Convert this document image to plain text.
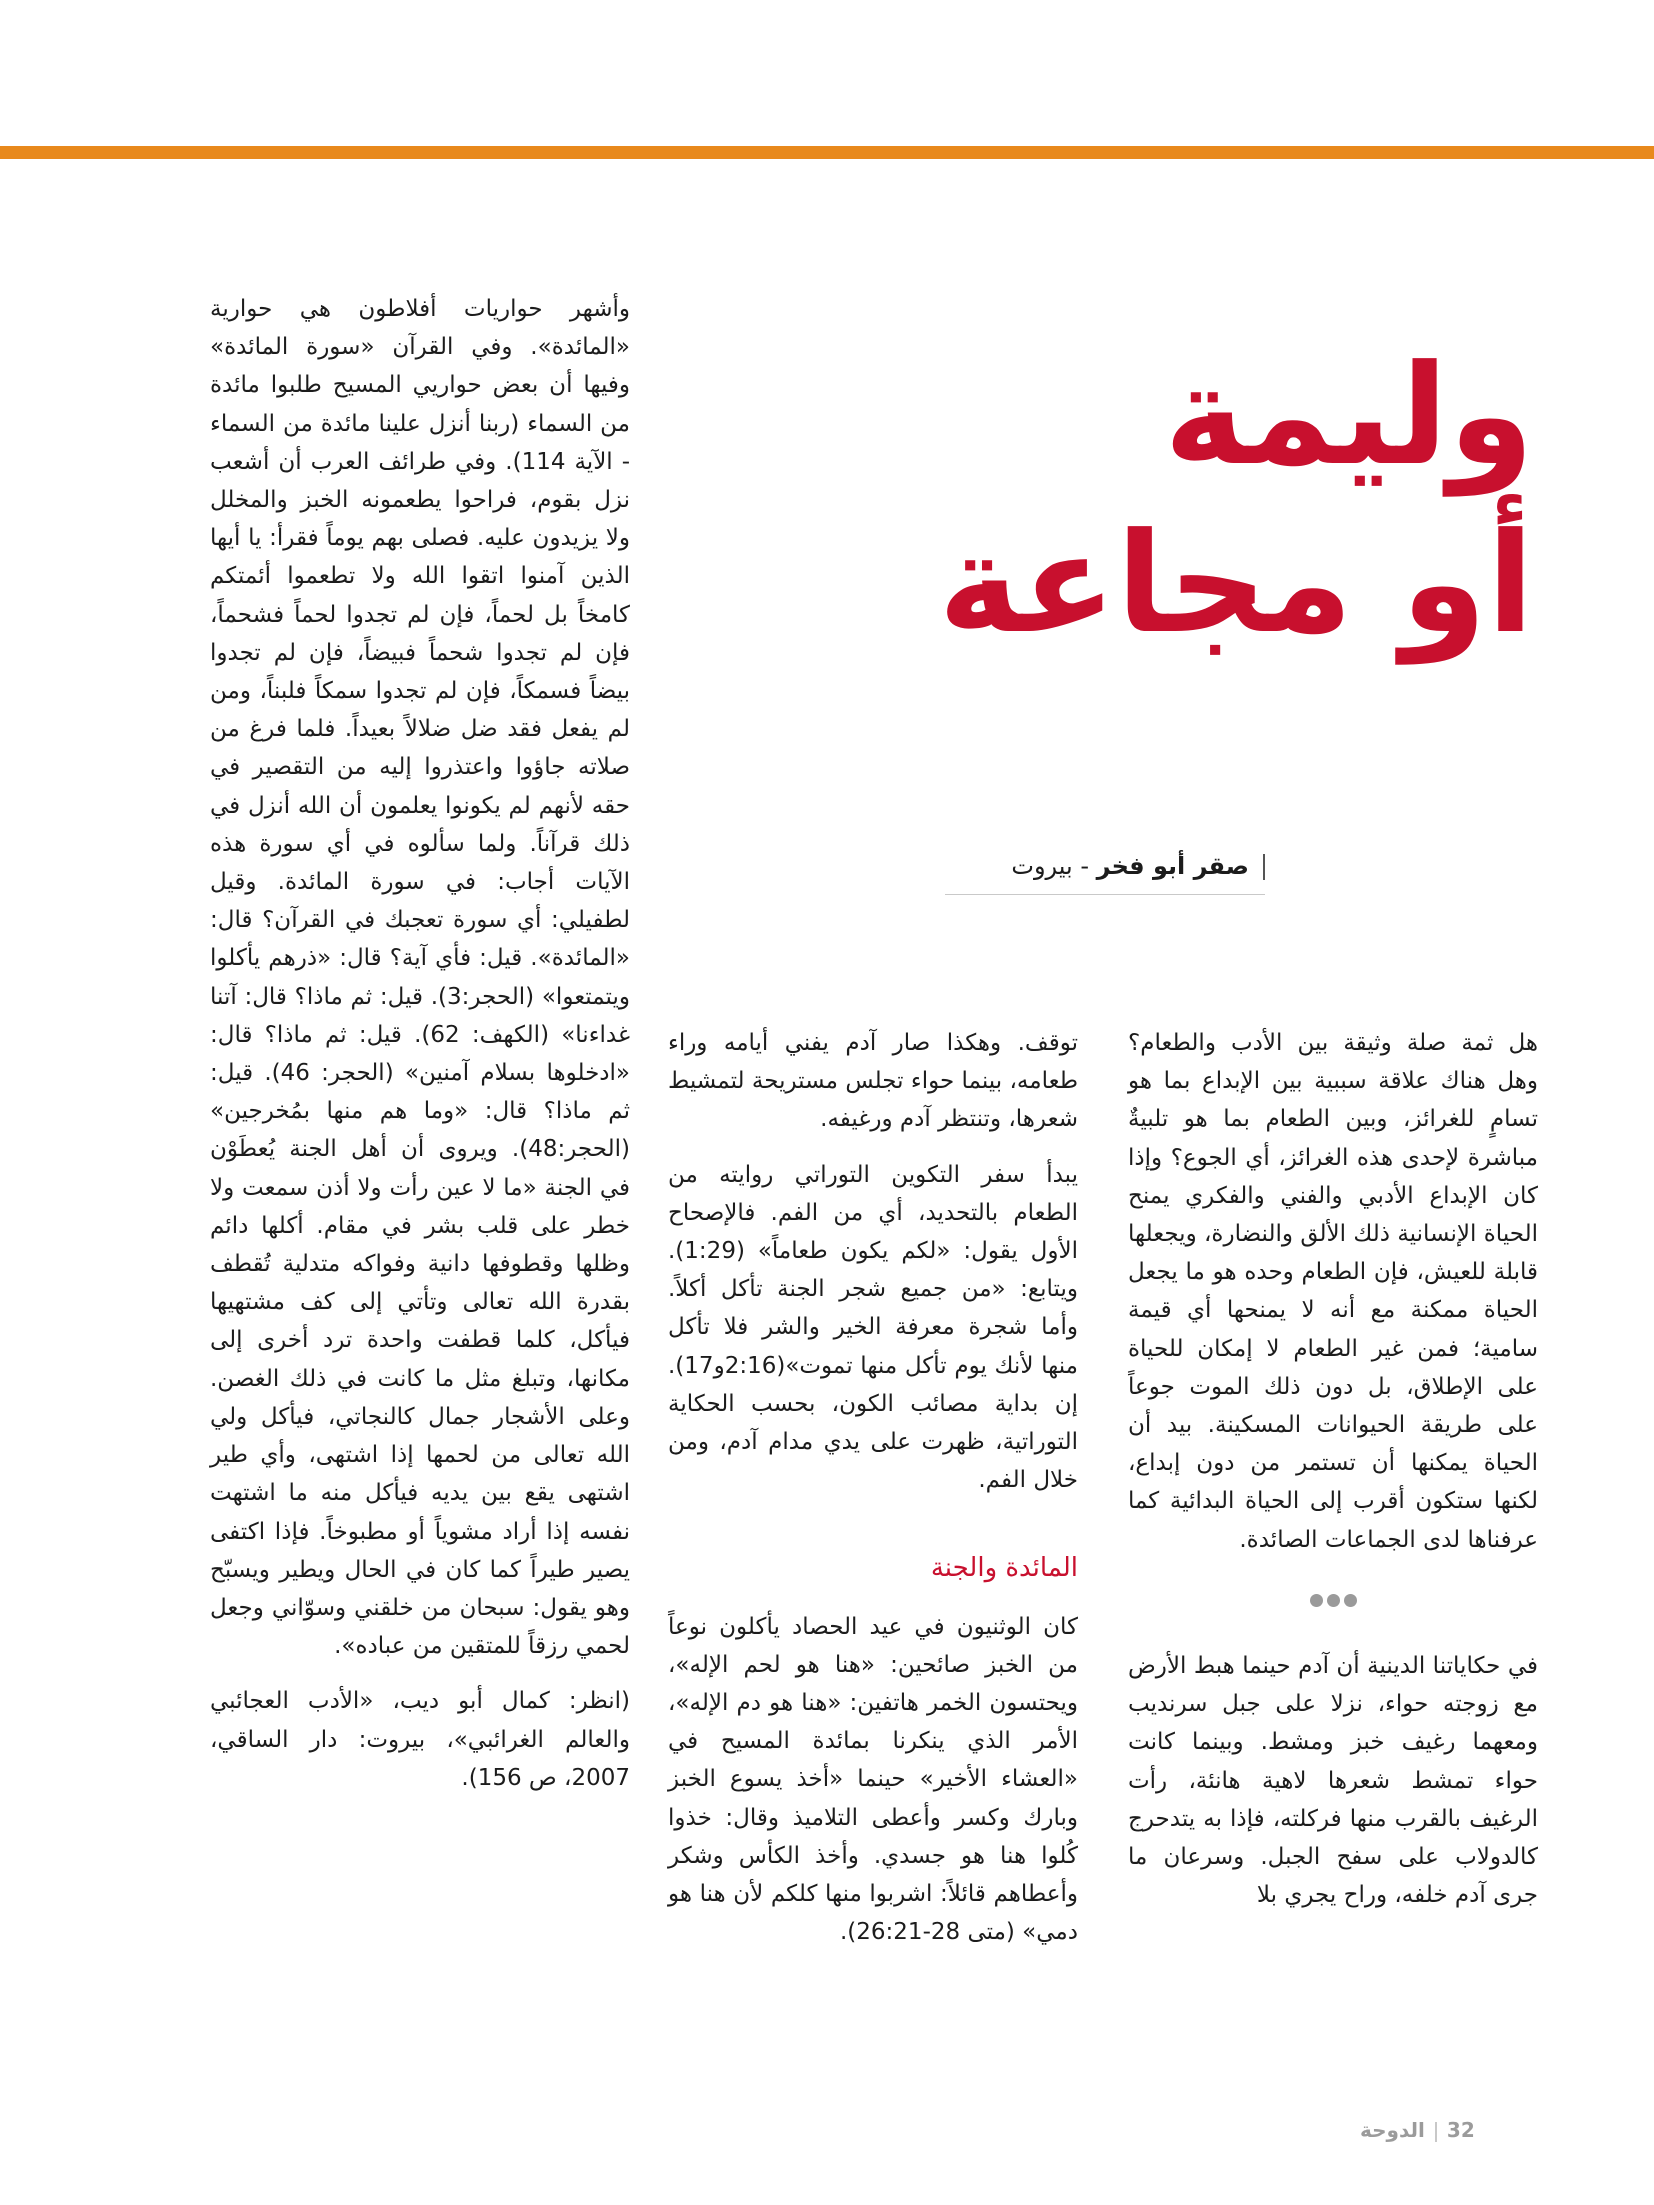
وليمة
أو مجاعة
صقر أبو فخر - بيروت

هل ثمة صلة وثيقة بين الأدب والطعام؟ وهل هناك علاقة سببية بين الإبداع بما هو تسامٍ للغرائز، وبين الطعام بما هو تلبيةٌ مباشرة لإحدى هذه الغرائز، أي الجوع؟ وإذا كان الإبداع الأدبي والفني والفكري يمنح الحياة الإنسانية ذلك الألق والنضارة، ويجعلها قابلة للعيش، فإن الطعام وحده هو ما يجعل الحياة ممكنة مع أنه لا يمنحها أي قيمة سامية؛ فمن غير الطعام لا إمكان للحياة على الإطلاق، بل دون ذلك الموت جوعاً على طريقة الحيوانات المسكينة. بيد أن الحياة يمكنها أن تستمر من دون إبداع، لكنها ستكون أقرب إلى الحياة البدائية كما عرفناها لدى الجماعات الصائدة.

في حكاياتنا الدينية أن آدم حينما هبط الأرض مع زوجته حواء، نزلا على جبل سرنديب ومعهما رغيف خبز ومشط. وبينما كانت حواء تمشط شعرها لاهية هانئة، رأت الرغيف بالقرب منها فركلته، فإذا به يتدحرج كالدولاب على سفح الجبل. وسرعان ما جرى آدم خلفه، وراح يجري بلا

توقف. وهكذا صار آدم يفني أيامه وراء طعامه، بينما حواء تجلس مستريحة لتمشيط شعرها، وتنتظر آدم ورغيفه.

يبدأ سفر التكوين التوراتي روايته من الطعام بالتحديد، أي من الفم. فالإصحاح الأول يقول: «لكم يكون طعاماً» (1:29). ويتابع: «من جميع شجر الجنة تأكل أكلاً. وأما شجرة معرفة الخير والشر فلا تأكل منها لأنك يوم تأكل منها تموت»(2:16و17). إن بداية مصائب الكون، بحسب الحكاية التوراتية، ظهرت على يدي مدام آدم، ومن خلال الفم.

المائدة والجنة

كان الوثنيون في عيد الحصاد يأكلون نوعاً من الخبز صائحين: «هنا هو لحم الإله»، ويحتسون الخمر هاتفين: «هنا هو دم الإله»، الأمر الذي ينكرنا بمائدة المسيح في «العشاء الأخير» حينما «أخذ يسوع الخبز وبارك وكسر وأعطى التلاميذ وقال: خذوا كُلوا هنا هو جسدي. وأخذ الكأس وشكر وأعطاهم قائلاً: اشربوا منها كلكم لأن هنا هو دمي» (متى 28-26:21).

وأشهر حواريات أفلاطون هي حوارية «المائدة». وفي القرآن «سورة المائدة» وفيها أن بعض حواريي المسيح طلبوا مائدة من السماء (ربنا أنزل علينا مائدة من السماء - الآية 114). وفي طرائف العرب أن أشعب نزل بقوم، فراحوا يطعمونه الخبز والمخلل ولا يزيدون عليه. فصلى بهم يوماً فقرأ: يا أيها الذين آمنوا اتقوا الله ولا تطعموا أئمتكم كامخاً بل لحماً، فإن لم تجدوا لحماً فشحماً، فإن لم تجدوا شحماً فبيضاً، فإن لم تجدوا بيضاً فسمكاً، فإن لم تجدوا سمكاً فلبناً، ومن لم يفعل فقد ضل ضلالاً بعيداً. فلما فرغ من صلاته جاؤوا واعتذروا إليه من التقصير في حقه لأنهم لم يكونوا يعلمون أن الله أنزل في ذلك قرآناً. ولما سألوه في أي سورة هذه الآيات أجاب: في سورة المائدة. وقيل لطفيلي: أي سورة تعجبك في القرآن؟ قال: «المائدة». قيل: فأي آية؟ قال: «ذرهم يأكلوا ويتمتعوا» (الحجر:3). قيل: ثم ماذا؟ قال: آتنا غداءنا» (الكهف: 62). قيل: ثم ماذا؟ قال: «ادخلوها بسلام آمنين» (الحجر: 46). قيل: ثم ماذا؟ قال: «وما هم منها بمُخرجين» (الحجر:48). ويروى أن أهل الجنة يُعطَوْن في الجنة «ما لا عين رأت ولا أذن سمعت ولا خطر على قلب بشر في مقام. أكلها دائم وظلها وقطوفها دانية وفواكه متدلية تُقطف بقدرة الله تعالى وتأتي إلى كف مشتهيها فيأكل، كلما قطفت واحدة ترد أخرى إلى مكانها، وتبلغ مثل ما كانت في ذلك الغصن. وعلى الأشجار جمال كالنجاتي، فيأكل ولي الله تعالى من لحمها إذا اشتهى، وأي طير اشتهى يقع بين يديه فيأكل منه ما اشتهت نفسه إذا أراد مشوياً أو مطبوخاً. فإذا اكتفى يصير طيراً كما كان في الحال ويطير ويسبّح وهو يقول: سبحان من خلقني وسوّاني وجعل لحمي رزقاً للمتقين من عباده».

(انظر: كمال أبو ديب، «الأدب العجائبي والعالم الغرائبي»، بيروت: دار الساقي، 2007، ص 156).

32الدوحة
